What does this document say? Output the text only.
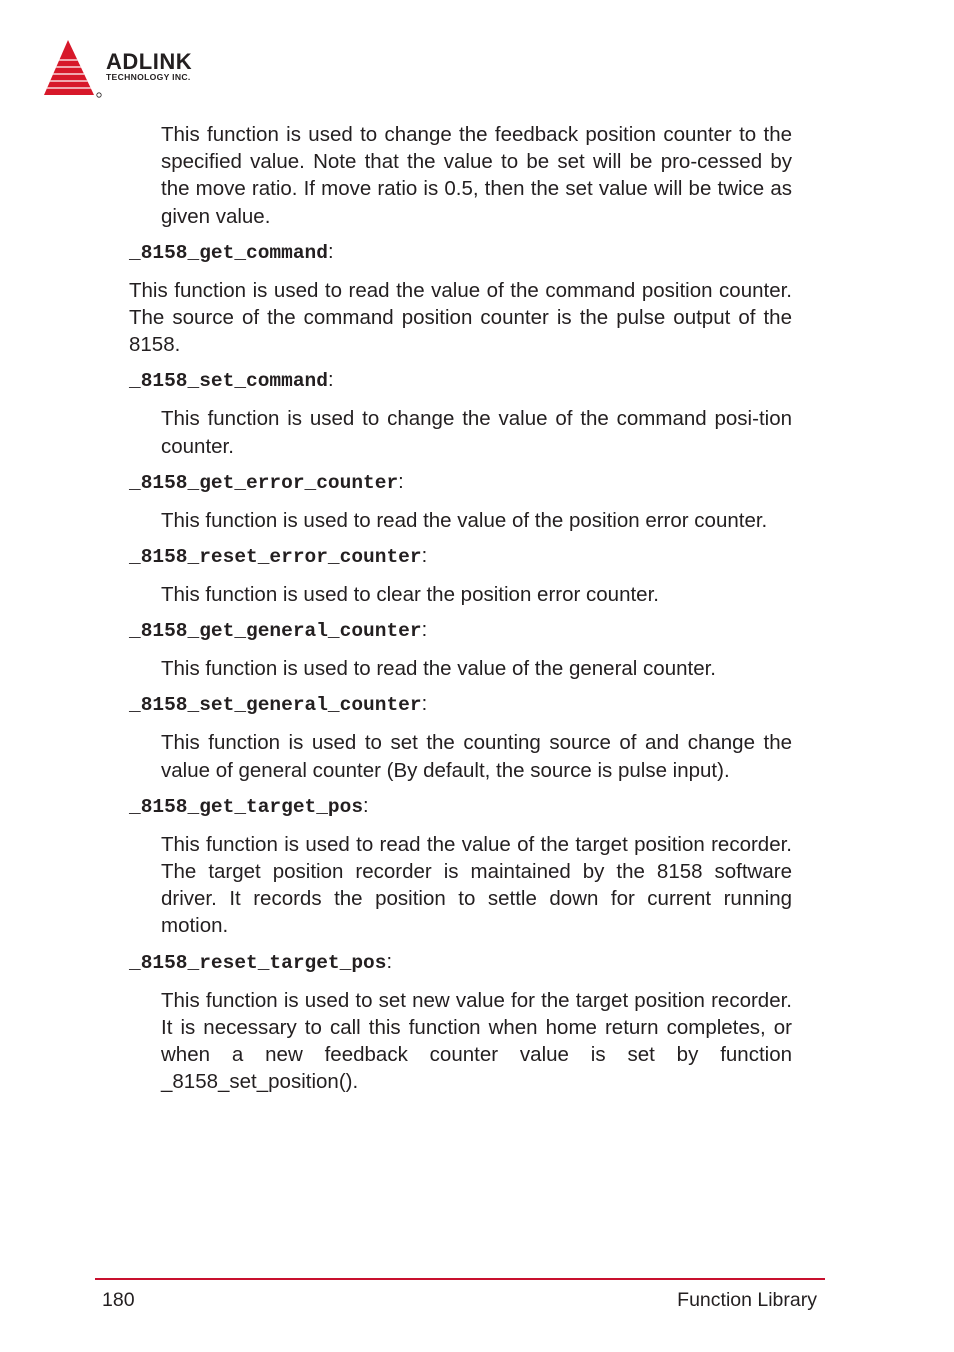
ADLINK
TECHNOLOGY INC.

This function is used to change the feedback position counter to the specified value. Note that the value to be set will be pro-cessed by the move ratio. If move ratio is 0.5, then the set value will be twice as given value.

_8158_get_command:

This function is used to read the value of the command position counter. The source of the command position counter is the pulse output of the 8158.

_8158_set_command:

This function is used to change the value of the command posi-tion counter.

_8158_get_error_counter:

This function is used to read the value of the position error counter.

_8158_reset_error_counter:

This function is used to clear the position error counter.

_8158_get_general_counter:

This function is used to read the value of the general counter.

_8158_set_general_counter:

This function is used to set the counting source of and change the value of general counter (By default, the source is pulse input).

_8158_get_target_pos:

This function is used to read the value of the target position recorder. The target position recorder is maintained by the 8158 software driver. It records the position to settle down for current running motion.

_8158_reset_target_pos:

This function is used to set new value for the target position recorder. It is necessary to call this function when home return completes, or when a new feedback counter value is set by function _8158_set_position().

180	Function Library
